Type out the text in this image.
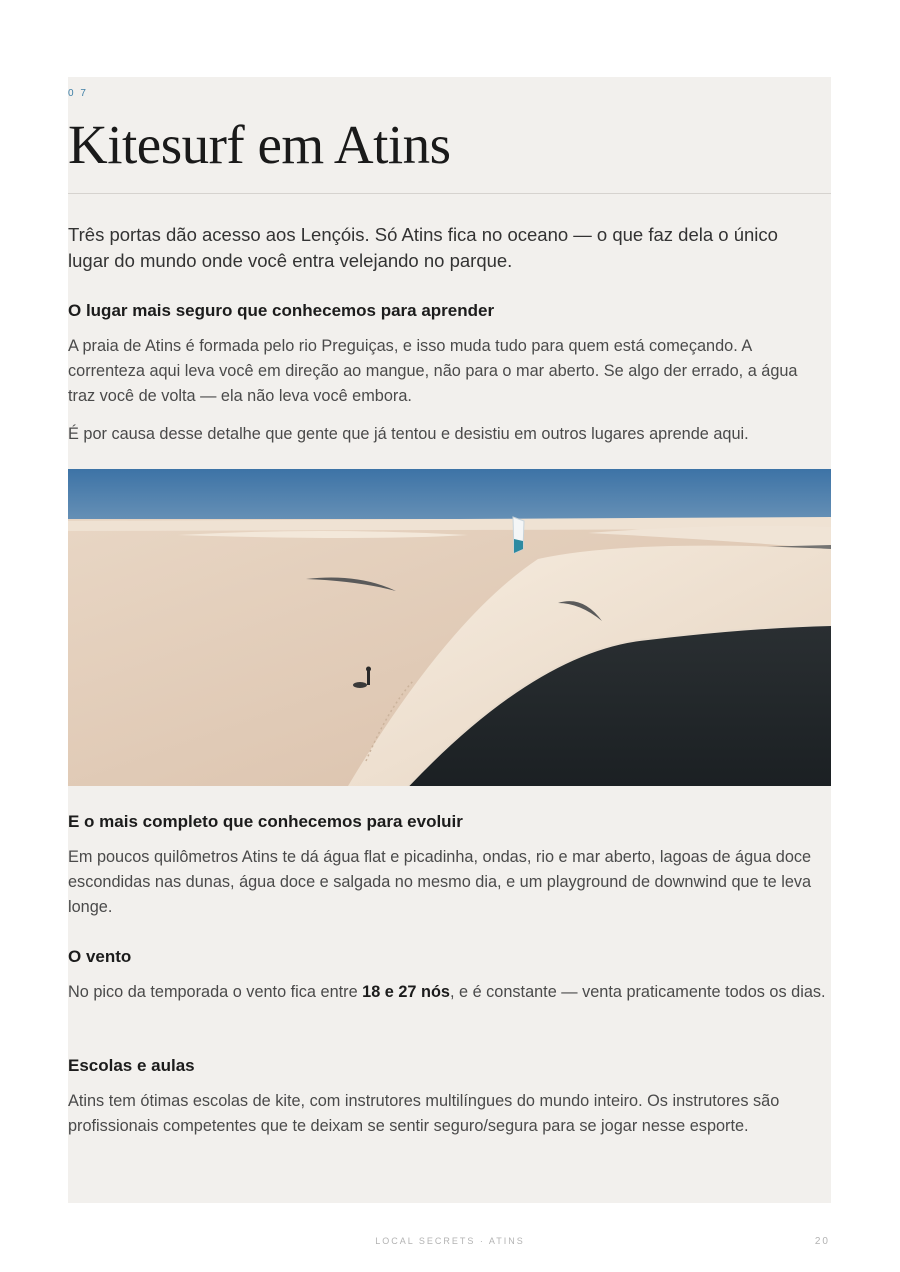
0 7
Kitesurf em Atins

Três portas dão acesso aos Lençóis. Só Atins fica no oceano — o que faz dela o único lugar do mundo onde você entra velejando no parque.

O lugar mais seguro que conhecemos para aprender

A praia de Atins é formada pelo rio Preguiças, e isso muda tudo para quem está começando. A correnteza aqui leva você em direção ao mangue, não para o mar aberto. Se algo der errado, a água traz você de volta — ela não leva você embora.

É por causa desse detalhe que gente que já tentou e desistiu em outros lugares aprende aqui.

E o mais completo que conhecemos para evoluir

Em poucos quilômetros Atins te dá água flat e picadinha, ondas, rio e mar aberto, lagoas de água doce escondidas nas dunas, água doce e salgada no mesmo dia, e um playground de downwind que te leva longe.

O vento

No pico da temporada o vento fica entre 18 e 27 nós, e é constante — venta praticamente todos os dias.

Escolas e aulas

Atins tem ótimas escolas de kite, com instrutores multilíngues do mundo inteiro. Os instrutores são profissionais competentes que te deixam se sentir seguro/segura para se jogar nesse esporte.

LOCAL SECRETS · ATINS	20
